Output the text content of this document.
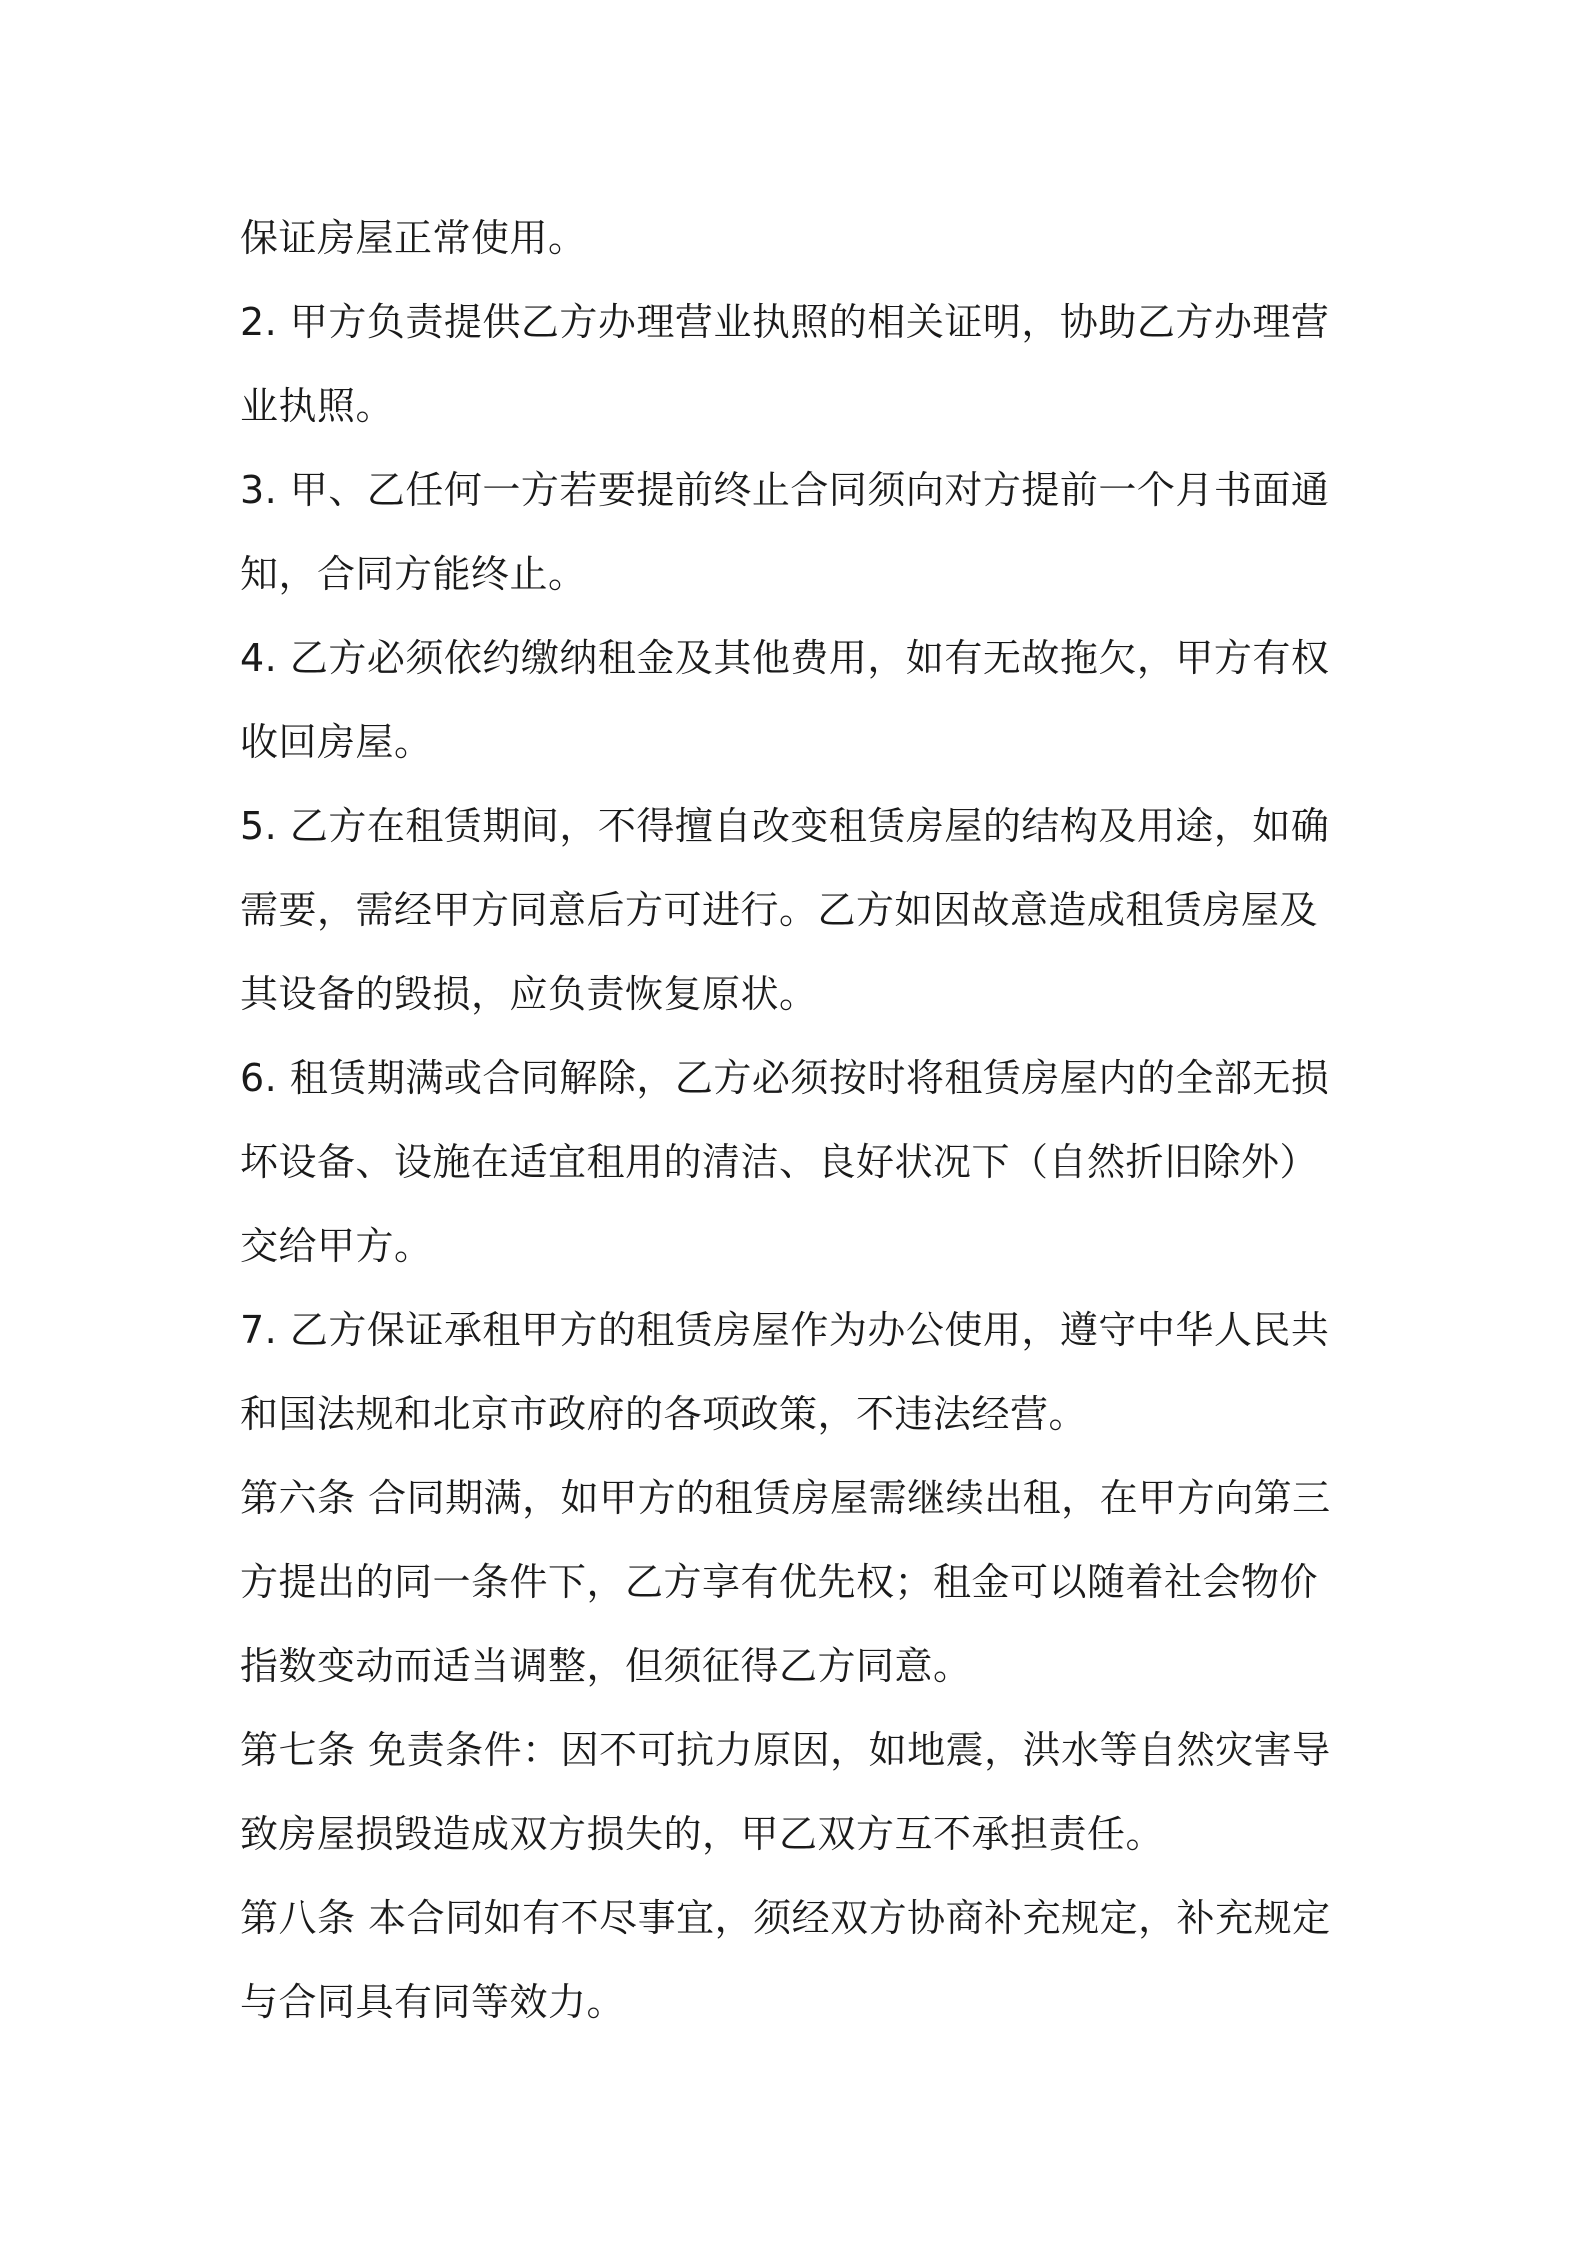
保证房屋正常使用。

2. 甲方负责提供乙方办理营业执照的相关证明，协助乙方办理营业执照。

3. 甲、乙任何一方若要提前终止合同须向对方提前一个月书面通知，合同方能终止。

4. 乙方必须依约缴纳租金及其他费用，如有无故拖欠，甲方有权收回房屋。

5. 乙方在租赁期间，不得擅自改变租赁房屋的结构及用途，如确需要，需经甲方同意后方可进行。乙方如因故意造成租赁房屋及其设备的毁损，应负责恢复原状。

6. 租赁期满或合同解除，乙方必须按时将租赁房屋内的全部无损坏设备、设施在适宜租用的清洁、良好状况下（自然折旧除外）交给甲方。

7. 乙方保证承租甲方的租赁房屋作为办公使用，遵守中华人民共和国法规和北京市政府的各项政策，不违法经营。

第六条 合同期满，如甲方的租赁房屋需继续出租，在甲方向第三方提出的同一条件下，乙方享有优先权；租金可以随着社会物价指数变动而适当调整，但须征得乙方同意。

第七条 免责条件：因不可抗力原因，如地震，洪水等自然灾害导致房屋损毁造成双方损失的，甲乙双方互不承担责任。

第八条 本合同如有不尽事宜，须经双方协商补充规定，补充规定与合同具有同等效力。
